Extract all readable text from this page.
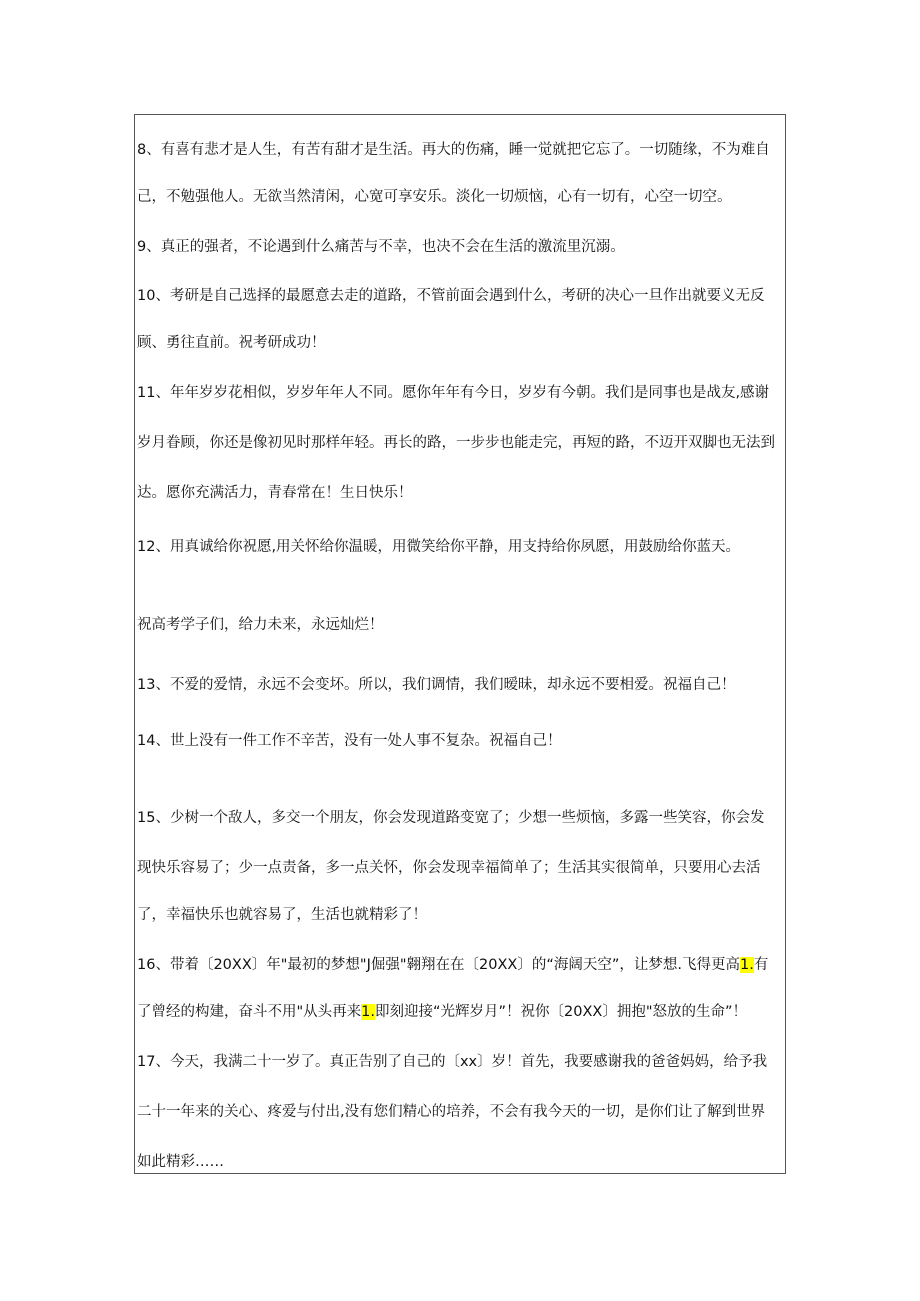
8、有喜有悲才是人生，有苦有甜才是生活。再大的伤痛，睡一觉就把它忘了。一切随缘，不为难自
己，不勉强他人。无欲当然清闲，心宽可享安乐。淡化一切烦恼，心有一切有，心空一切空。
9、真正的强者，不论遇到什么痛苦与不幸，也决不会在生活的激流里沉溺。
10、考研是自己选择的最愿意去走的道路，不管前面会遇到什么，考研的决心一旦作出就要义无反
顾、勇往直前。祝考研成功！
11、年年岁岁花相似，岁岁年年人不同。愿你年年有今日，岁岁有今朝。我们是同事也是战友,感谢
岁月眷顾，你还是像初见时那样年轻。再长的路，一步步也能走完，再短的路，不迈开双脚也无法到
达。愿你充满活力，青春常在！生日快乐！
12、用真诚给你祝愿,用关怀给你温暖，用微笑给你平静，用支持给你夙愿，用鼓励给你蓝天。
祝高考学子们，给力未来，永远灿烂！
13、不爱的爱情，永远不会变坏。所以，我们调情，我们暧昧，却永远不要相爱。祝福自己！
14、世上没有一件工作不辛苦，没有一处人事不复杂。祝福自己！
15、少树一个敌人，多交一个朋友，你会发现道路变宽了；少想一些烦恼，多露一些笑容，你会发
现快乐容易了；少一点责备，多一点关怀，你会发现幸福简单了；生活其实很简单，只要用心去活
了，幸福快乐也就容易了，生活也就精彩了！
16、带着〔20XX〕年"最初的梦想"J倔强"翱翔在在〔20XX〕的“海阔天空”，让梦想.飞得更高1.有
了曾经的构建，奋斗不用"从头再来1.即刻迎接“光辉岁月”！祝你〔20XX〕拥抱"怒放的生命”！
17、今天，我满二十一岁了。真正告别了自己的〔xx〕岁！首先，我要感谢我的爸爸妈妈，给予我
二十一年来的关心、疼爱与付出,没有您们精心的培养，不会有我今天的一切，是你们让了解到世界
如此精彩……
